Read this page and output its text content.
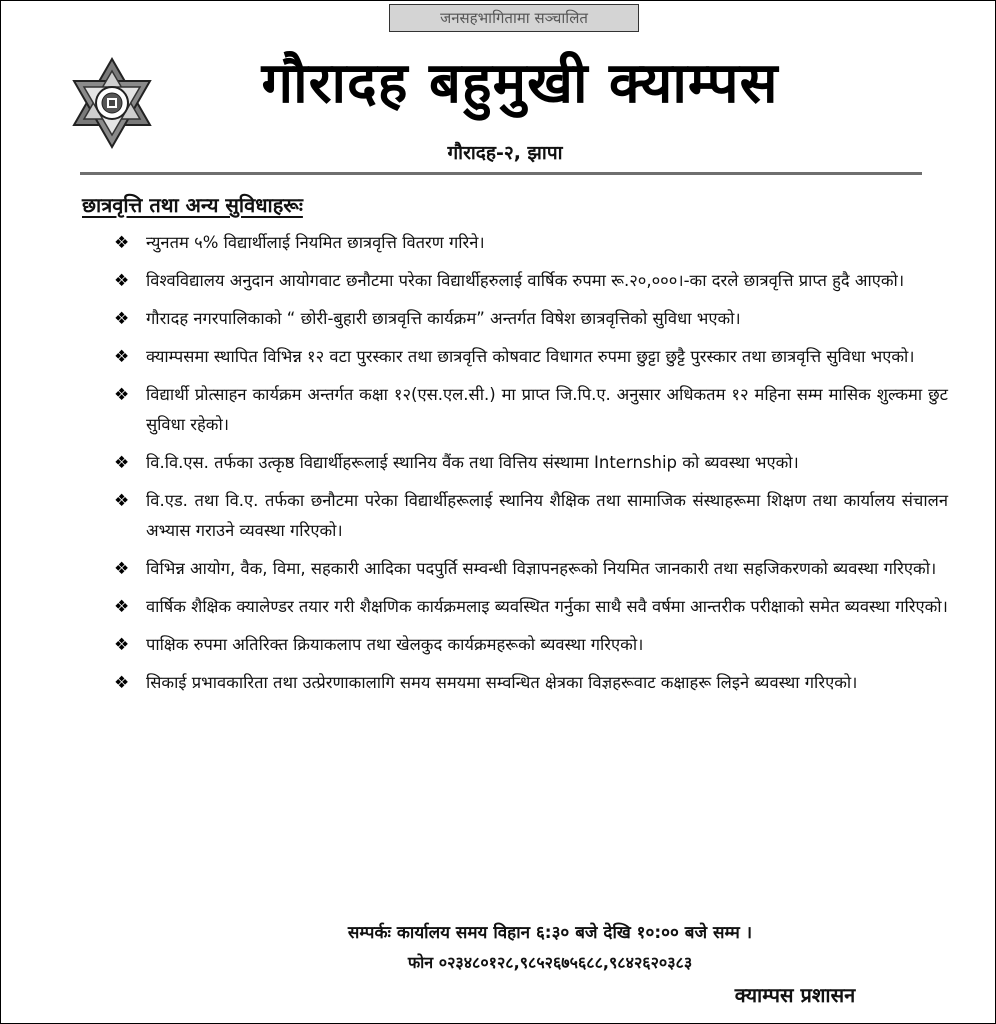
जनसहभागितामा सञ्चालित
गौरादह बहुमुखी क्याम्पस
गौरादह-२, झापा
छात्रवृत्ति तथा अन्य सुविधाहरूः
❖	न्युनतम ५% विद्यार्थीलाई नियमित छात्रवृत्ति वितरण गरिने।
❖	विश्वविद्यालय अनुदान आयोगवाट छनौटमा परेका विद्यार्थीहरुलाई वार्षिक रुपमा रू.२०,०००।-का दरले छात्रवृत्ति प्राप्त हुदै आएको।
❖	गौरादह नगरपालिकाको “ छोरी-बुहारी छात्रवृत्ति कार्यक्रम” अन्तर्गत विषेश छात्रवृत्तिको सुविधा भएको।
❖	क्याम्पसमा स्थापित विभिन्न १२ वटा पुरस्कार तथा छात्रवृत्ति कोषवाट विधागत रुपमा छुट्टा छुट्टै पुरस्कार तथा छात्रवृत्ति सुविधा भएको।
❖	विद्यार्थी प्रोत्साहन कार्यक्रम अन्तर्गत कक्षा १२(एस.एल.सी.) मा प्राप्त जि.पि.ए. अनुसार अधिकतम १२ महिना सम्म मासिक शुल्कमा छुट सुविधा रहेको।
❖	वि.वि.एस. तर्फका उत्कृष्ठ विद्यार्थीहरूलाई स्थानिय वैंक तथा वित्तिय संस्थामा Internship को ब्यवस्था भएको।
❖	वि.एड. तथा वि.ए. तर्फका छनौटमा परेका विद्यार्थीहरूलाई स्थानिय शैक्षिक तथा सामाजिक संस्थाहरूमा शिक्षण तथा कार्यालय संचालन अभ्यास गराउने व्यवस्था गरिएको।
❖	विभिन्न आयोग, वैक, विमा, सहकारी आदिका पदपुर्ति सम्वन्धी विज्ञापनहरूको नियमित जानकारी तथा सहजिकरणको ब्यवस्था गरिएको।
❖	वार्षिक शैक्षिक क्यालेण्डर तयार गरी शैक्षणिक कार्यक्रमलाइ ब्यवस्थित गर्नुका साथै सवै वर्षमा आन्तरीक परीक्षाको समेत ब्यवस्था गरिएको।
❖	पाक्षिक रुपमा अतिरिक्त क्रियाकलाप तथा खेलकुद कार्यक्रमहरूको ब्यवस्था गरिएको।
❖	सिकाई प्रभावकारिता तथा उत्प्रेरणाकालागि समय समयमा सम्वन्धित क्षेत्रका विज्ञहरूवाट कक्षाहरू लिइने ब्यवस्था गरिएको।
सम्पर्कः कार्यालय समय विहान ६:३० बजे देखि १०:०० बजे सम्म ।
फोन ०२३४८०१२८,९८५२६७५६८८,९८४२६२०३८३
क्याम्पस प्रशासन
